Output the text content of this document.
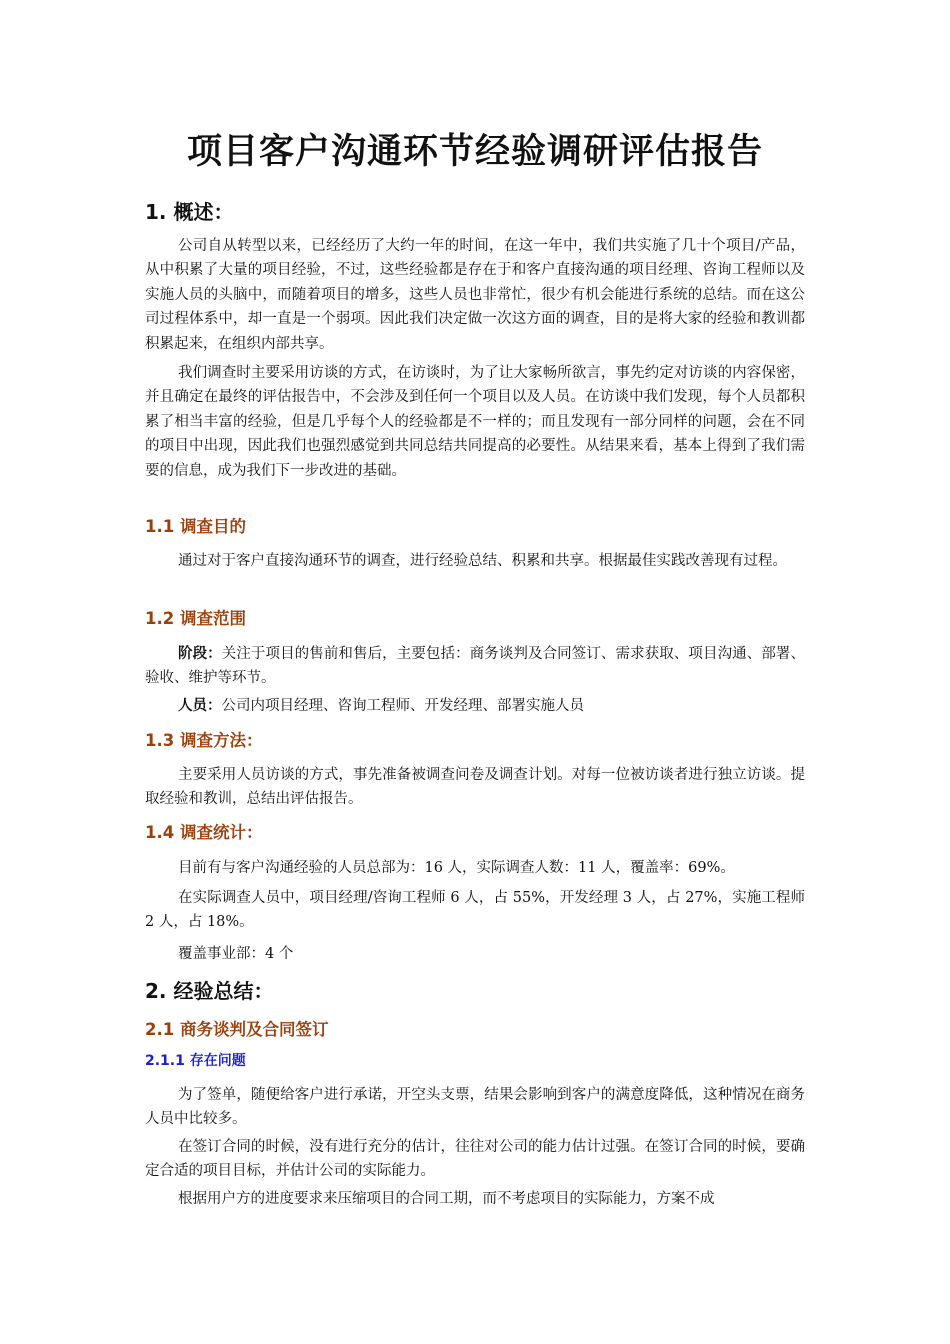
项目客户沟通环节经验调研评估报告
1. 概述：
公司自从转型以来，已经经历了大约一年的时间，在这一年中，我们共实施了几十个项目/产品，从中积累了大量的项目经验，不过，这些经验都是存在于和客户直接沟通的项目经理、咨询工程师以及实施人员的头脑中，而随着项目的增多，这些人员也非常忙，很少有机会能进行系统的总结。而在这公司过程体系中，却一直是一个弱项。因此我们决定做一次这方面的调查，目的是将大家的经验和教训都积累起来，在组织内部共享。
我们调查时主要采用访谈的方式，在访谈时，为了让大家畅所欲言，事先约定对访谈的内容保密，并且确定在最终的评估报告中，不会涉及到任何一个项目以及人员。在访谈中我们发现，每个人员都积累了相当丰富的经验，但是几乎每个人的经验都是不一样的；而且发现有一部分同样的问题，会在不同的项目中出现，因此我们也强烈感觉到共同总结共同提高的必要性。从结果来看，基本上得到了我们需要的信息，成为我们下一步改进的基础。
1.1 调查目的
通过对于客户直接沟通环节的调查，进行经验总结、积累和共享。根据最佳实践改善现有过程。
1.2 调查范围
阶段：关注于项目的售前和售后，主要包括：商务谈判及合同签订、需求获取、项目沟通、部署、验收、维护等环节。
人员：公司内项目经理、咨询工程师、开发经理、部署实施人员
1.3 调查方法：
主要采用人员访谈的方式，事先准备被调查问卷及调查计划。对每一位被访谈者进行独立访谈。提取经验和教训，总结出评估报告。
1.4 调查统计：
目前有与客户沟通经验的人员总部为：16 人，实际调查人数：11 人，覆盖率：69%。
在实际调查人员中，项目经理/咨询工程师 6 人，占 55%，开发经理 3 人，占 27%，实施工程师 2 人，占 18%。
覆盖事业部：4 个
2. 经验总结：
2.1 商务谈判及合同签订
2.1.1 存在问题
为了签单，随便给客户进行承诺，开空头支票，结果会影响到客户的满意度降低，这种情况在商务人员中比较多。
在签订合同的时候，没有进行充分的估计，往往对公司的能力估计过强。在签订合同的时候，要确定合适的项目目标，并估计公司的实际能力。
根据用户方的进度要求来压缩项目的合同工期，而不考虑项目的实际能力，方案不成
